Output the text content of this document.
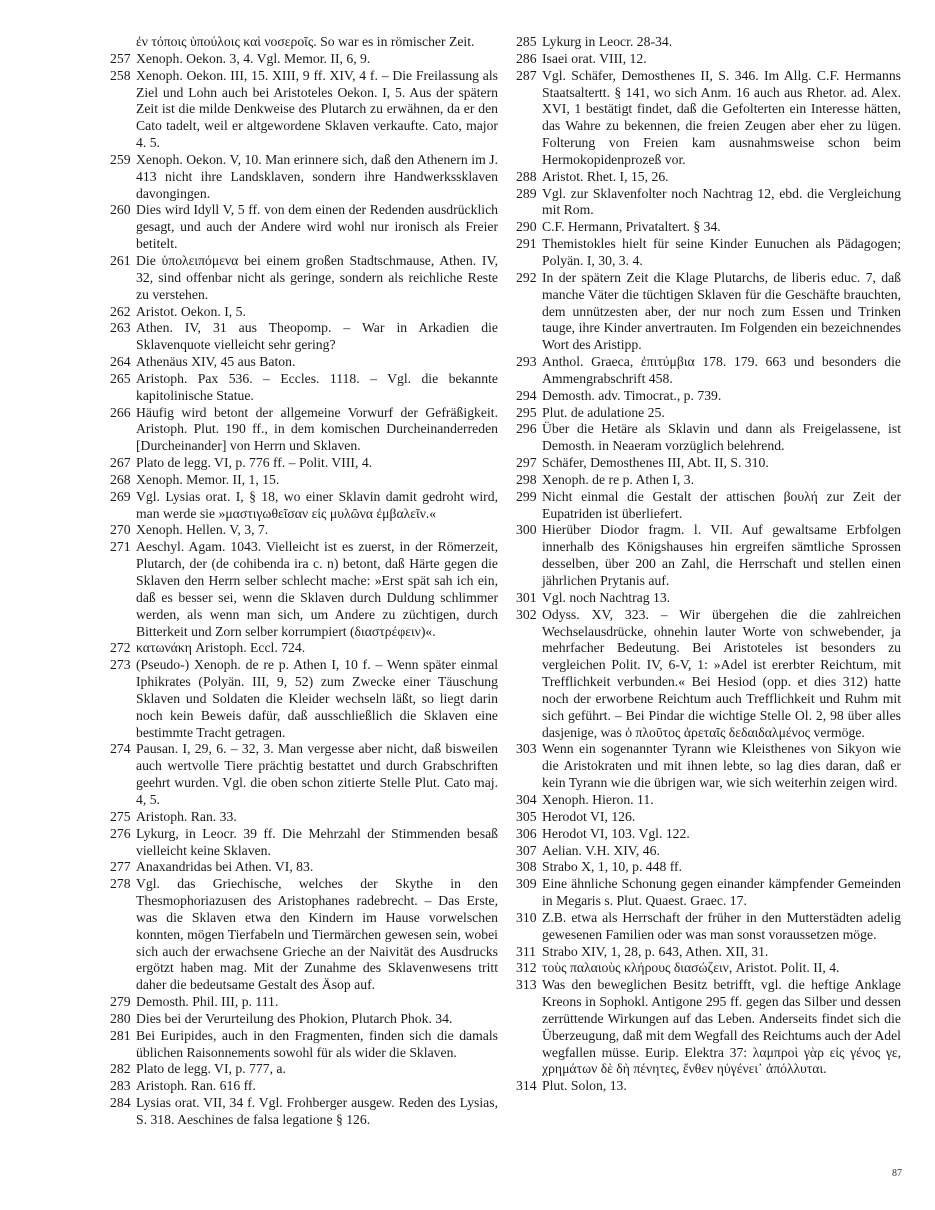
ἐν τόποις ὑπούλοις καὶ νοσεροῖς. So war es in römischer Zeit.
257 Xenoph. Oekon. 3, 4. Vgl. Memor. II, 6, 9.
258 Xenoph. Oekon. III, 15. XIII, 9 ff. XIV, 4 f. – Die Freilassung als Ziel und Lohn auch bei Aristoteles Oekon. I, 5. Aus der spätern Zeit ist die milde Denkweise des Plutarch zu erwähnen, da er den Cato tadelt, weil er altgewordene Sklaven verkaufte. Cato, major 4. 5.
259 Xenoph. Oekon. V, 10. Man erinnere sich, daß den Athenern im J. 413 nicht ihre Landsklaven, sondern ihre Handwerkssklaven davongingen.
260 Dies wird Idyll V, 5 ff. von dem einen der Redenden ausdrücklich gesagt, und auch der Andere wird wohl nur ironisch als Freier betitelt.
261 Die ὑπολειπόμενα bei einem großen Stadtschmause, Athen. IV, 32, sind offenbar nicht als geringe, sondern als reichliche Reste zu verstehen.
262 Aristot. Oekon. I, 5.
263 Athen. IV, 31 aus Theopomp. – War in Arkadien die Sklavenquote vielleicht sehr gering?
264 Athenäus XIV, 45 aus Baton.
265 Aristoph. Pax 536. – Eccles. 1118. – Vgl. die bekannte kapitolinische Statue.
266 Häufig wird betont der allgemeine Vorwurf der Gefräßigkeit. Aristoph. Plut. 190 ff., in dem komischen Durcheinanderreden [Durcheinander] von Herrn und Sklaven.
267 Plato de legg. VI, p. 776 ff. – Polit. VIII, 4.
268 Xenoph. Memor. II, 1, 15.
269 Vgl. Lysias orat. I, § 18, wo einer Sklavin damit gedroht wird, man werde sie »μαστιγωθεῖσαν εἰς μυλῶνα ἐμβαλεῖν.«
270 Xenoph. Hellen. V, 3, 7.
271 Aeschyl. Agam. 1043. Vielleicht ist es zuerst, in der Römerzeit, Plutarch, der (de cohibenda ira c. n) betont, daß Härte gegen die Sklaven den Herrn selber schlecht mache: »Erst spät sah ich ein, daß es besser sei, wenn die Sklaven durch Duldung schlimmer werden, als wenn man sich, um Andere zu züchtigen, durch Bitterkeit und Zorn selber korrumpiert (διαστρέφειν)«.
272 κατωνάκη Aristoph. Eccl. 724.
273 (Pseudo-) Xenoph. de re p. Athen I, 10 f. – Wenn später einmal Iphikrates (Polyän. III, 9, 52) zum Zwecke einer Täuschung Sklaven und Soldaten die Kleider wechseln läßt, so liegt darin noch kein Beweis dafür, daß ausschließlich die Sklaven eine bestimmte Tracht getragen.
274 Pausan. I, 29, 6. – 32, 3. Man vergesse aber nicht, daß bisweilen auch wertvolle Tiere prächtig bestattet und durch Grabschriften geehrt wurden. Vgl. die oben schon zitierte Stelle Plut. Cato maj. 4, 5.
275 Aristoph. Ran. 33.
276 Lykurg, in Leocr. 39 ff. Die Mehrzahl der Stimmenden besaß vielleicht keine Sklaven.
277 Anaxandridas bei Athen. VI, 83.
278 Vgl. das Griechische, welches der Skythe in den Thesmophoriazusen des Aristophanes radebrecht. – Das Erste, was die Sklaven etwa den Kindern im Hause vorwelschen konnten, mögen Tierfabeln und Tiermärchen gewesen sein, wobei sich auch der erwachsene Grieche an der Naivität des Ausdrucks ergötzt haben mag. Mit der Zunahme des Sklavenwesens tritt daher die bedeutsame Gestalt des Äsop auf.
279 Demosth. Phil. III, p. 111.
280 Dies bei der Verurteilung des Phokion, Plutarch Phok. 34.
281 Bei Euripides, auch in den Fragmenten, finden sich die damals üblichen Raisonnements sowohl für als wider die Sklaven.
282 Plato de legg. VI, p. 777, a.
283 Aristoph. Ran. 616 ff.
284 Lysias orat. VII, 34 f. Vgl. Frohberger ausgew. Reden des Lysias, S. 318. Aeschines de falsa legatione § 126.
285 Lykurg in Leocr. 28-34.
286 Isaei orat. VIII, 12.
287 Vgl. Schäfer, Demosthenes II, S. 346. Im Allg. C.F. Hermanns Staatsaltertt. § 141, wo sich Anm. 16 auch aus Rhetor. ad. Alex. XVI, 1 bestätigt findet, daß die Gefolterten ein Interesse hätten, das Wahre zu bekennen, die freien Zeugen aber eher zu lügen. Folterung von Freien kam ausnahmsweise schon beim Hermokopidenprozeß vor.
288 Aristot. Rhet. I, 15, 26.
289 Vgl. zur Sklavenfolter noch Nachtrag 12, ebd. die Vergleichung mit Rom.
290 C.F. Hermann, Privataltert. § 34.
291 Themistokles hielt für seine Kinder Eunuchen als Pädagogen; Polyän. I, 30, 3. 4.
292 In der spätern Zeit die Klage Plutarchs, de liberis educ. 7, daß manche Väter die tüchtigen Sklaven für die Geschäfte brauchten, dem unnützesten aber, der nur noch zum Essen und Trinken tauge, ihre Kinder anvertrauten. Im Folgenden ein bezeichnendes Wort des Aristipp.
293 Anthol. Graeca, ἐπιτύμβια 178. 179. 663 und besonders die Ammengrabschrift 458.
294 Demosth. adv. Timocrat., p. 739.
295 Plut. de adulatione 25.
296 Über die Hetäre als Sklavin und dann als Freigelassene, ist Demosth. in Neaeram vorzüglich belehrend.
297 Schäfer, Demosthenes III, Abt. II, S. 310.
298 Xenoph. de re p. Athen I, 3.
299 Nicht einmal die Gestalt der attischen βουλή zur Zeit der Eupatriden ist überliefert.
300 Hierüber Diodor fragm. l. VII. Auf gewaltsame Erbfolgen innerhalb des Königshauses hin ergreifen sämtliche Sprossen desselben, über 200 an Zahl, die Herrschaft und stellen einen jährlichen Prytanis auf.
301 Vgl. noch Nachtrag 13.
302 Odyss. XV, 323. – Wir übergehen die die zahlreichen Wechselausdrücke, ohnehin lauter Worte von schwebender, ja mehrfacher Bedeutung. Bei Aristoteles ist besonders zu vergleichen Polit. IV, 6-V, 1: »Adel ist ererbter Reichtum, mit Trefflichkeit verbunden.« Bei Hesiod (opp. et dies 312) hatte noch der erworbene Reichtum auch Trefflichkeit und Ruhm mit sich geführt. – Bei Pindar die wichtige Stelle Ol. 2, 98 über alles dasjenige, was ὁ πλοῦτος ἀρεταῖς δεδαιδαλμένος vermöge.
303 Wenn ein sogenannter Tyrann wie Kleisthenes von Sikyon wie die Aristokraten und mit ihnen lebte, so lag dies daran, daß er kein Tyrann wie die übrigen war, wie sich weiterhin zeigen wird.
304 Xenoph. Hieron. 11.
305 Herodot VI, 126.
306 Herodot VI, 103. Vgl. 122.
307 Aelian. V.H. XIV, 46.
308 Strabo X, 1, 10, p. 448 ff.
309 Eine ähnliche Schonung gegen einander kämpfender Gemeinden in Megaris s. Plut. Quaest. Graec. 17.
310 Z.B. etwa als Herrschaft der früher in den Mutterstädten adelig gewesenen Familien oder was man sonst voraussetzen möge.
311 Strabo XIV, 1, 28, p. 643, Athen. XII, 31.
312 τοὺς παλαιοὺς κλήρους διασώζειν, Aristot. Polit. II, 4.
313 Was den beweglichen Besitz betrifft, vgl. die heftige Anklage Kreons in Sophokl. Antigone 295 ff. gegen das Silber und dessen zerrüttende Wirkungen auf das Leben. Anderseits findet sich die Überzeugung, daß mit dem Wegfall des Reichtums auch der Adel wegfallen müsse. Eurip. Elektra 37: λαμπροὶ γὰρ εἰς γένος γε, χρημάτων δὲ δὴ πένητες, ἔνθεν ηὑγένει᾿ ἀπόλλυται.
314 Plut. Solon, 13.
87
